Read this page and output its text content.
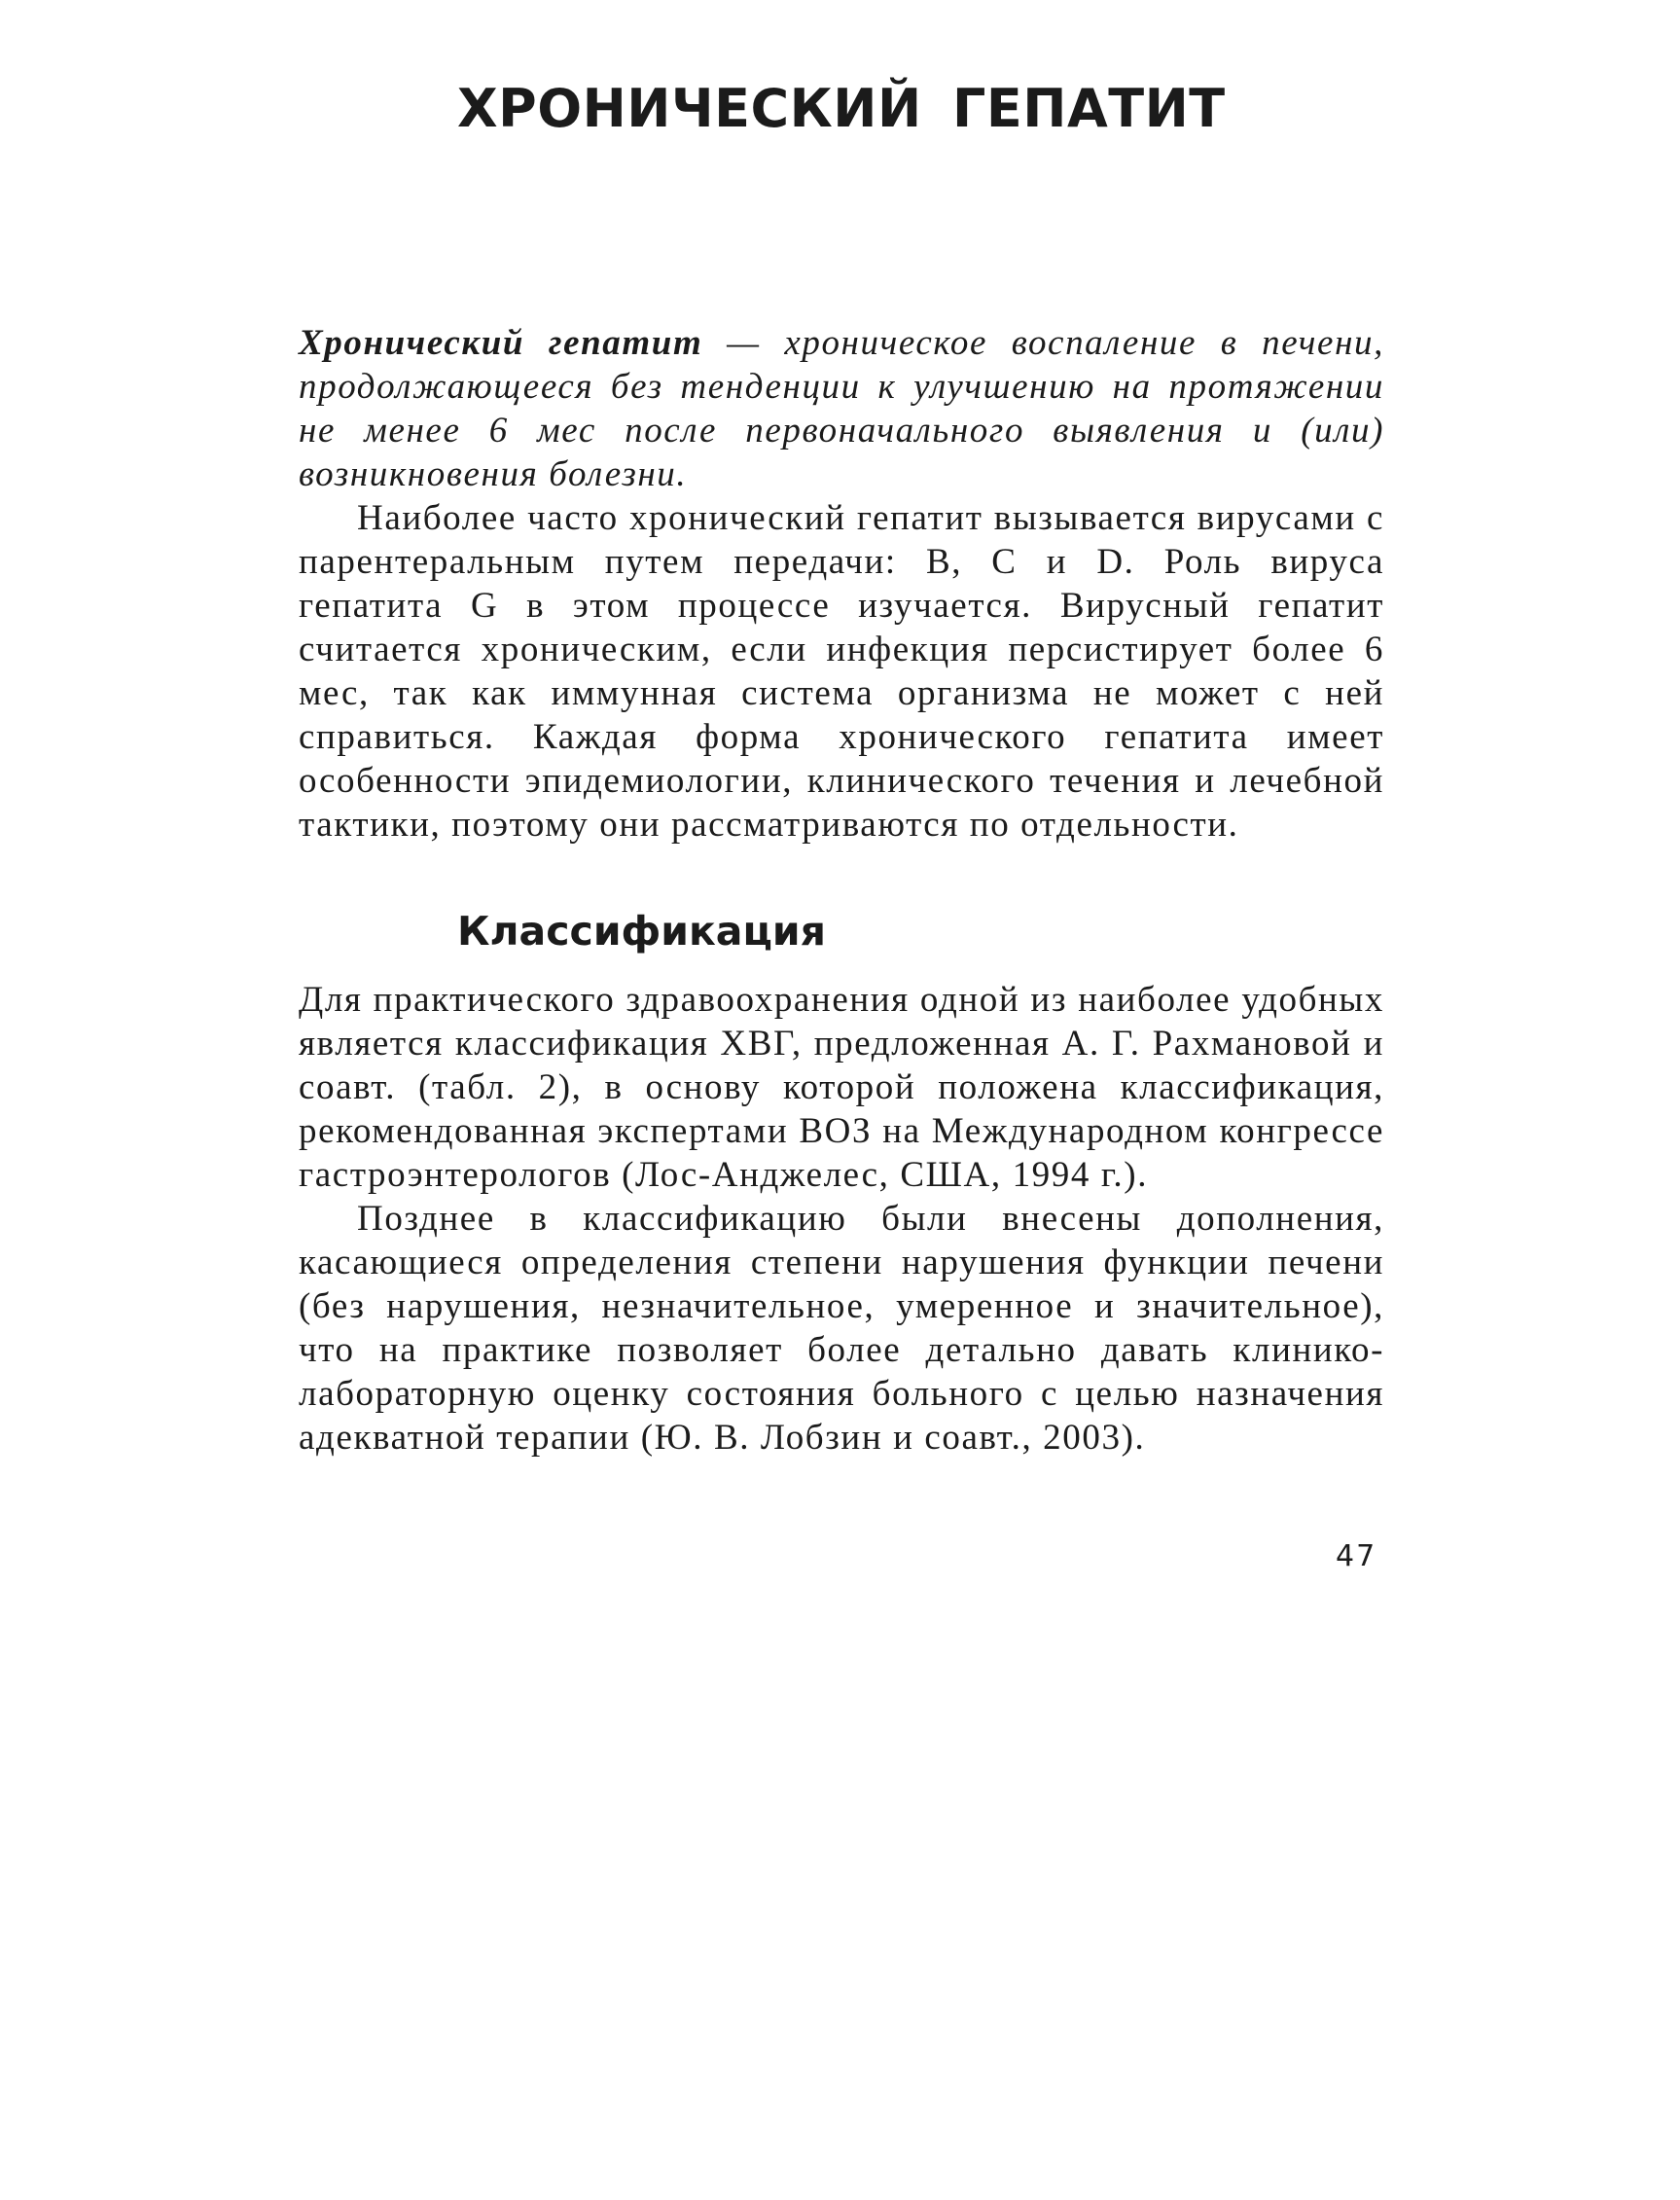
ХРОНИЧЕСКИЙ ГЕПАТИТ

Хронический гепатит — хроническое воспаление в печени, продолжающееся без тенденции к улучшению на протяжении не менее 6 мес после первоначального выявления и (или) возникновения болезни.

Наиболее часто хронический гепатит вызывается вирусами с парентеральным путем передачи: В, С и D. Роль вируса гепатита G в этом процессе изучается. Вирусный гепатит считается хроническим, если инфекция персистирует более 6 мес, так как иммунная система организма не может с ней справиться. Каждая форма хронического гепатита имеет особенности эпидемиологии, клинического течения и лечебной тактики, поэтому они рассматриваются по отдельности.

Классификация

Для практического здравоохранения одной из наиболее удобных является классификация ХВГ, предложенная А. Г. Рахмановой и соавт. (табл. 2), в основу которой положена классификация, рекомендованная экспертами ВОЗ на Международном конгрессе гастроэнтерологов (Лос-Анджелес, США, 1994 г.).

Позднее в классификацию были внесены дополнения, касающиеся определения степени нарушения функции печени (без нарушения, незначительное, умеренное и значительное), что на практике позволяет более детально давать клинико-лабораторную оценку состояния больного с целью назначения адекватной терапии (Ю. В. Лобзин и соавт., 2003).

47
